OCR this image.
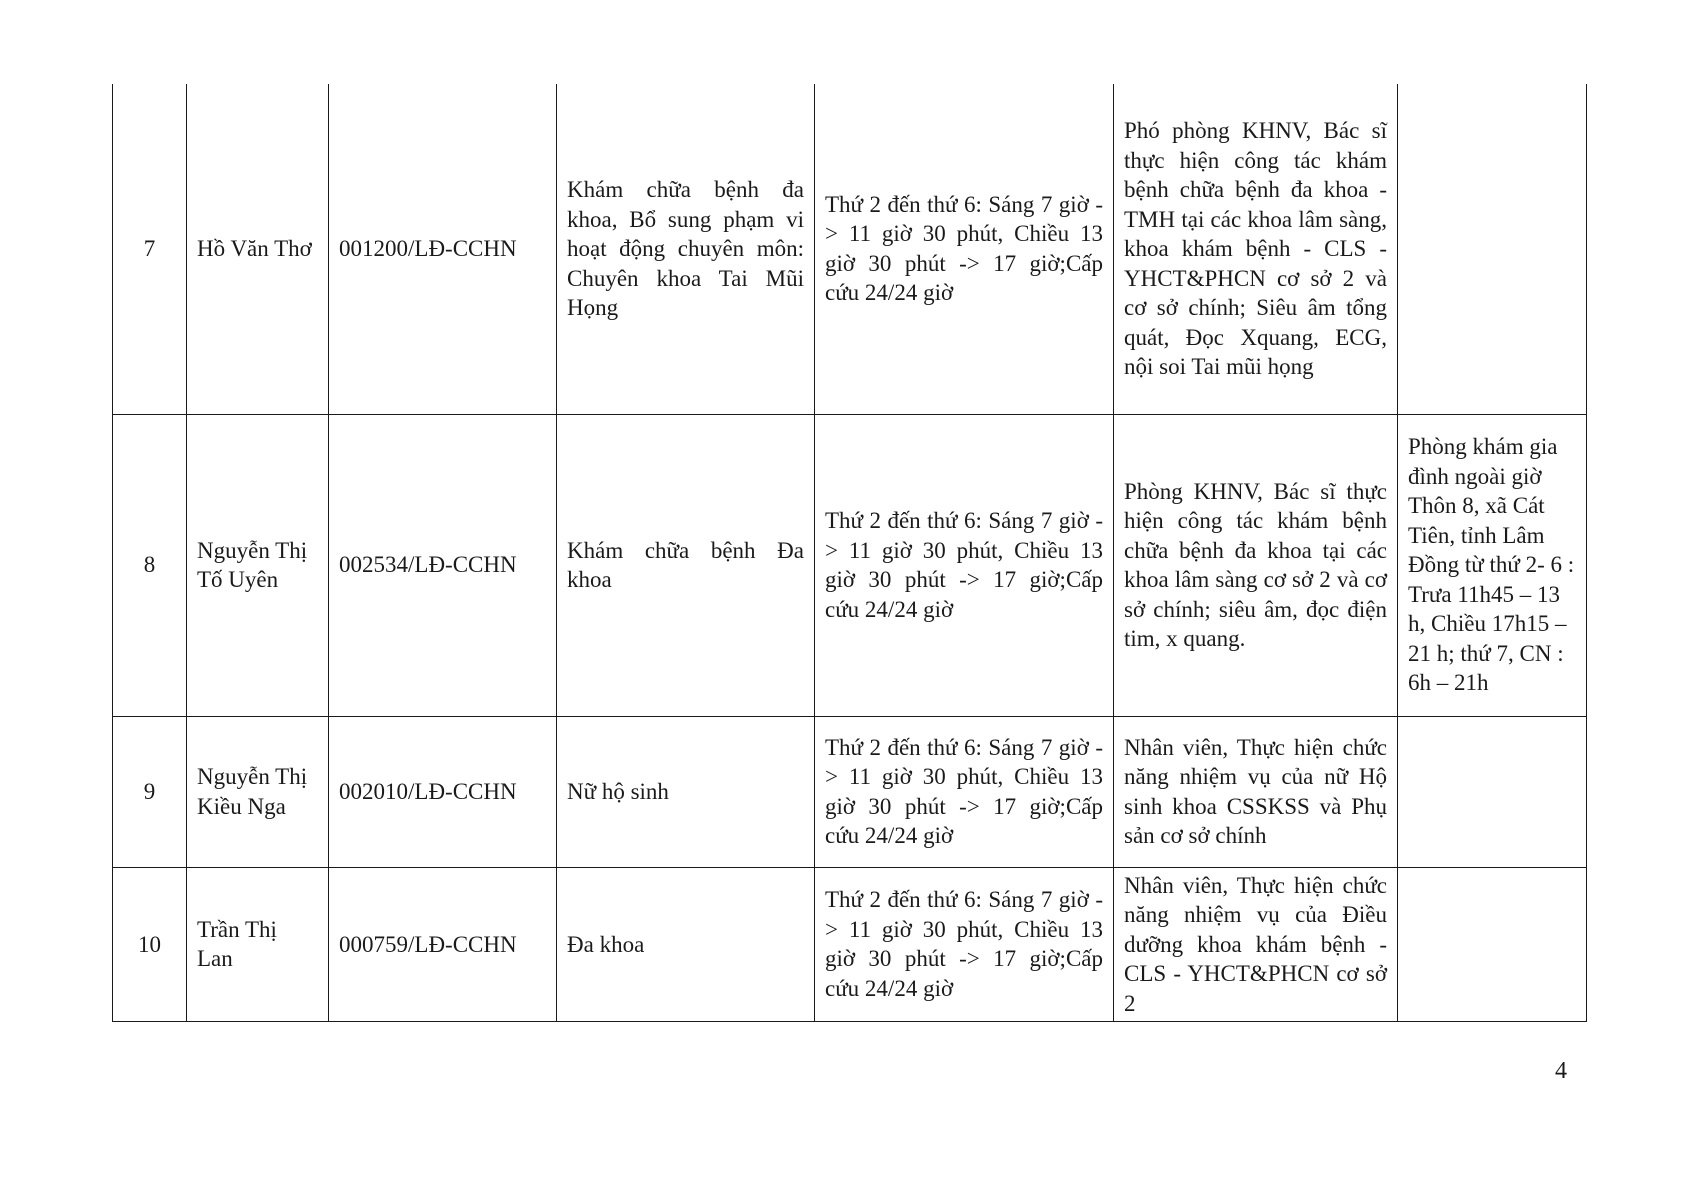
7	Hồ Văn Thơ	001200/LĐ-CCHN	Khám chữa bệnh đa khoa, Bổ sung phạm vi hoạt động chuyên môn: Chuyên khoa Tai Mũi Họng	Thứ 2 đến thứ 6: Sáng 7 giờ -> 11 giờ 30 phút, Chiều 13 giờ 30 phút -> 17 giờ;Cấp cứu 24/24 giờ	Phó phòng KHNV, Bác sĩ thực hiện công tác khám bệnh chữa bệnh đa khoa - TMH tại các khoa lâm sàng, khoa khám bệnh - CLS - YHCT&PHCN cơ sở 2 và cơ sở chính; Siêu âm tổng quát, Đọc Xquang, ECG, nội soi Tai mũi họng	
8	Nguyễn Thị Tố Uyên	002534/LĐ-CCHN	Khám chữa bệnh Đa khoa	Thứ 2 đến thứ 6: Sáng 7 giờ -> 11 giờ 30 phút, Chiều 13 giờ 30 phút -> 17 giờ;Cấp cứu 24/24 giờ	Phòng KHNV, Bác sĩ thực hiện công tác khám bệnh chữa bệnh đa khoa tại các khoa lâm sàng cơ sở 2 và cơ sở chính; siêu âm, đọc điện tim, x quang.	Phòng khám gia đình ngoài giờ Thôn 8, xã Cát Tiên, tỉnh Lâm Đồng từ thứ 2- 6 : Trưa 11h45 – 13 h, Chiều 17h15 – 21 h; thứ 7, CN : 6h – 21h
9	Nguyễn Thị Kiều Nga	002010/LĐ-CCHN	Nữ hộ sinh	Thứ 2 đến thứ 6: Sáng 7 giờ -> 11 giờ 30 phút, Chiều 13 giờ 30 phút -> 17 giờ;Cấp cứu 24/24 giờ	Nhân viên, Thực hiện chức năng nhiệm vụ của nữ Hộ sinh khoa CSSKSS và Phụ sản cơ sở chính	
10	Trần Thị Lan	000759/LĐ-CCHN	Đa khoa	Thứ 2 đến thứ 6: Sáng 7 giờ -> 11 giờ 30 phút, Chiều 13 giờ 30 phút -> 17 giờ;Cấp cứu 24/24 giờ	Nhân viên, Thực hiện chức năng nhiệm vụ của Điều dưỡng khoa khám bệnh - CLS - YHCT&PHCN cơ sở 2	
4
